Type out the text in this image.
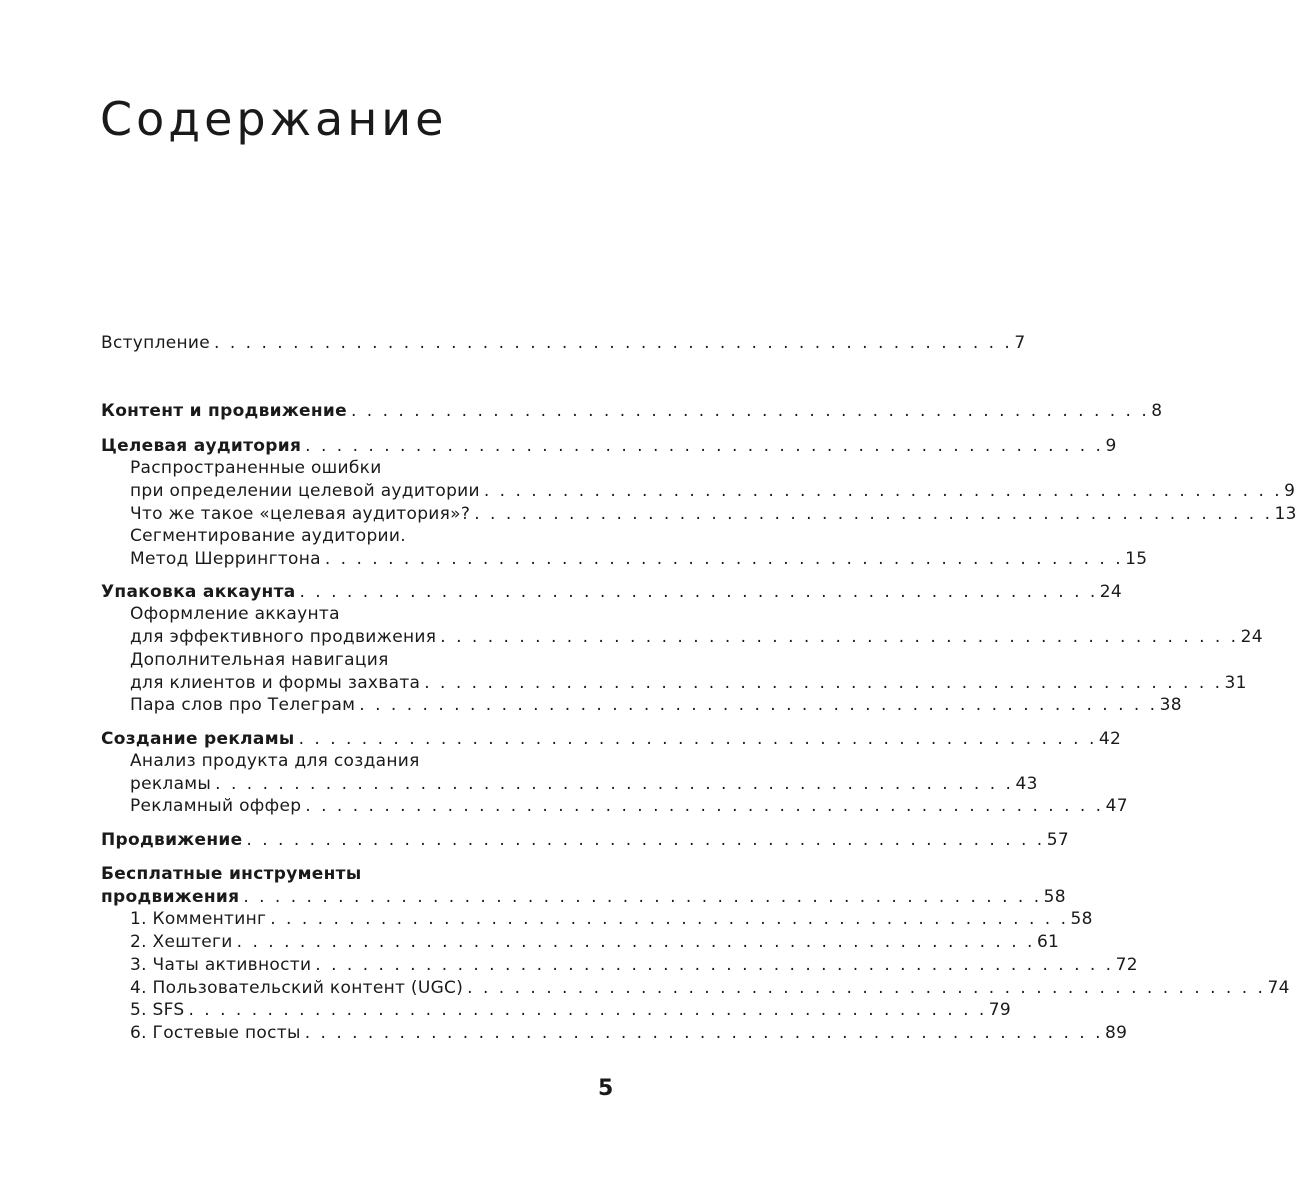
Содержание
Вступление . . . . . . . . . . . . . . . . . . . . . . . . . . . . . . . . . . . . . . . . . . . . . . . . . . . 7
Контент и продвижение . . . . . . . . . . . . . . . . . . . . . . . . . . . . . . . . . . . . . . . . . . . . . . . . . . . 8
Целевая аудитория . . . . . . . . . . . . . . . . . . . . . . . . . . . . . . . . . . . . . . . . . . . . . . . . . . . 9
Распространенные ошибки
при определении целевой аудитории . . . . . . . . . . . . . . . . . . . . . . . . . . . . . . . . . . . . . . . . . . . . . . . . . . . 9
Что же такое «целевая аудитория»? . . . . . . . . . . . . . . . . . . . . . . . . . . . . . . . . . . . . . . . . . . . . . . . . . . . 13
Сегментирование аудитории.
Метод Шеррингтона . . . . . . . . . . . . . . . . . . . . . . . . . . . . . . . . . . . . . . . . . . . . . . . . . . . 15
Упаковка аккаунта . . . . . . . . . . . . . . . . . . . . . . . . . . . . . . . . . . . . . . . . . . . . . . . . . . . 24
Оформление аккаунта
для эффективного продвижения . . . . . . . . . . . . . . . . . . . . . . . . . . . . . . . . . . . . . . . . . . . . . . . . . . . 24
Дополнительная навигация
для клиентов и формы захвата . . . . . . . . . . . . . . . . . . . . . . . . . . . . . . . . . . . . . . . . . . . . . . . . . . . 31
Пара слов про Телеграм . . . . . . . . . . . . . . . . . . . . . . . . . . . . . . . . . . . . . . . . . . . . . . . . . . . 38
Создание рекламы . . . . . . . . . . . . . . . . . . . . . . . . . . . . . . . . . . . . . . . . . . . . . . . . . . . 42
Анализ продукта для создания
рекламы . . . . . . . . . . . . . . . . . . . . . . . . . . . . . . . . . . . . . . . . . . . . . . . . . . . 43
Рекламный оффер . . . . . . . . . . . . . . . . . . . . . . . . . . . . . . . . . . . . . . . . . . . . . . . . . . . 47
Продвижение . . . . . . . . . . . . . . . . . . . . . . . . . . . . . . . . . . . . . . . . . . . . . . . . . . . 57
Бесплатные инструменты
продвижения . . . . . . . . . . . . . . . . . . . . . . . . . . . . . . . . . . . . . . . . . . . . . . . . . . . 58
1. Комментинг . . . . . . . . . . . . . . . . . . . . . . . . . . . . . . . . . . . . . . . . . . . . . . . . . . . 58
2. Хештеги . . . . . . . . . . . . . . . . . . . . . . . . . . . . . . . . . . . . . . . . . . . . . . . . . . . 61
3. Чаты активности . . . . . . . . . . . . . . . . . . . . . . . . . . . . . . . . . . . . . . . . . . . . . . . . . . . 72
4. Пользовательский контент (UGC) . . . . . . . . . . . . . . . . . . . . . . . . . . . . . . . . . . . . . . . . . . . . . . . . . . . 74
5. SFS . . . . . . . . . . . . . . . . . . . . . . . . . . . . . . . . . . . . . . . . . . . . . . . . . . . 79
6. Гостевые посты . . . . . . . . . . . . . . . . . . . . . . . . . . . . . . . . . . . . . . . . . . . . . . . . . . . 89
5
